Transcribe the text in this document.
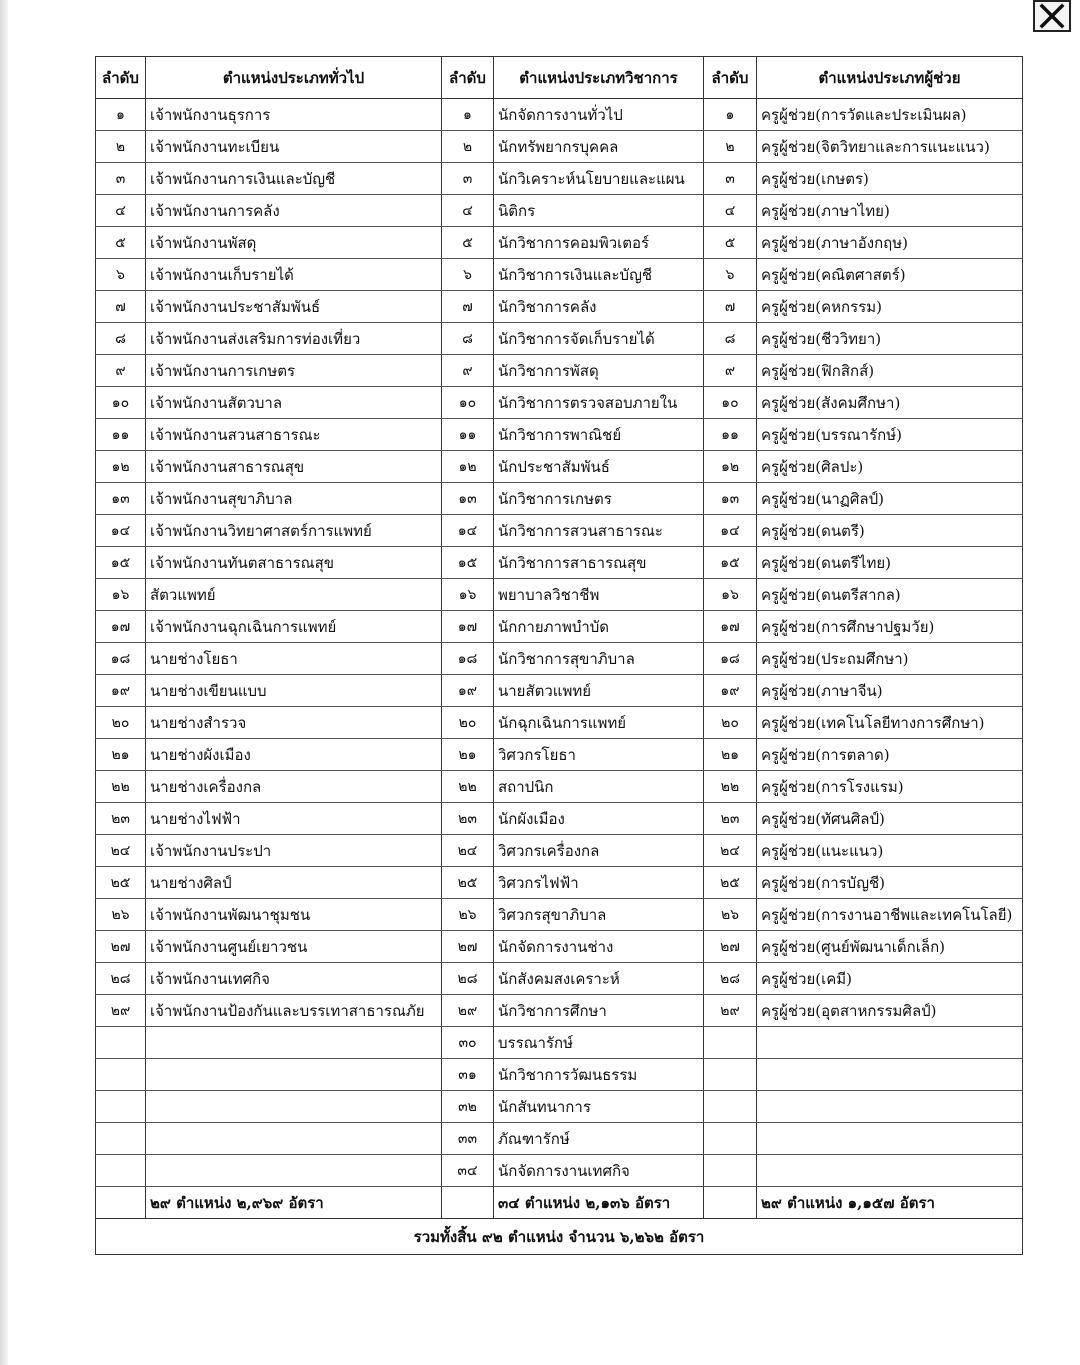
ลำดับ	ตำแหน่งประเภททั่วไป	ลำดับ	ตำแหน่งประเภทวิชาการ	ลำดับ	ตำแหน่งประเภทผู้ช่วย
๑	เจ้าพนักงานธุรการ	๑	นักจัดการงานทั่วไป	๑	ครูผู้ช่วย(การวัดและประเมินผล)
๒	เจ้าพนักงานทะเบียน	๒	นักทรัพยากรบุคคล	๒	ครูผู้ช่วย(จิตวิทยาและการแนะแนว)
๓	เจ้าพนักงานการเงินและบัญชี	๓	นักวิเคราะห์นโยบายและแผน	๓	ครูผู้ช่วย(เกษตร)
๔	เจ้าพนักงานการคลัง	๔	นิติกร	๔	ครูผู้ช่วย(ภาษาไทย)
๕	เจ้าพนักงานพัสดุ	๕	นักวิชาการคอมพิวเตอร์	๕	ครูผู้ช่วย(ภาษาอังกฤษ)
๖	เจ้าพนักงานเก็บรายได้	๖	นักวิชาการเงินและบัญชี	๖	ครูผู้ช่วย(คณิตศาสตร์)
๗	เจ้าพนักงานประชาสัมพันธ์	๗	นักวิชาการคลัง	๗	ครูผู้ช่วย(คหกรรม)
๘	เจ้าพนักงานส่งเสริมการท่องเที่ยว	๘	นักวิชาการจัดเก็บรายได้	๘	ครูผู้ช่วย(ชีววิทยา)
๙	เจ้าพนักงานการเกษตร	๙	นักวิชาการพัสดุ	๙	ครูผู้ช่วย(ฟิกสิกส์)
๑๐	เจ้าพนักงานสัตวบาล	๑๐	นักวิชาการตรวจสอบภายใน	๑๐	ครูผู้ช่วย(สังคมศึกษา)
๑๑	เจ้าพนักงานสวนสาธารณะ	๑๑	นักวิชาการพาณิชย์	๑๑	ครูผู้ช่วย(บรรณารักษ์)
๑๒	เจ้าพนักงานสาธารณสุข	๑๒	นักประชาสัมพันธ์	๑๒	ครูผู้ช่วย(ศิลปะ)
๑๓	เจ้าพนักงานสุขาภิบาล	๑๓	นักวิชาการเกษตร	๑๓	ครูผู้ช่วย(นาฏศิลป์)
๑๔	เจ้าพนักงานวิทยาศาสตร์การแพทย์	๑๔	นักวิชาการสวนสาธารณะ	๑๔	ครูผู้ช่วย(ดนตรี)
๑๕	เจ้าพนักงานทันตสาธารณสุข	๑๕	นักวิชาการสาธารณสุข	๑๕	ครูผู้ช่วย(ดนตรีไทย)
๑๖	สัตวแพทย์	๑๖	พยาบาลวิชาชีพ	๑๖	ครูผู้ช่วย(ดนตรีสากล)
๑๗	เจ้าพนักงานฉุกเฉินการแพทย์	๑๗	นักกายภาพบำบัด	๑๗	ครูผู้ช่วย(การศึกษาปฐมวัย)
๑๘	นายช่างโยธา	๑๘	นักวิชาการสุขาภิบาล	๑๘	ครูผู้ช่วย(ประถมศึกษา)
๑๙	นายช่างเขียนแบบ	๑๙	นายสัตวแพทย์	๑๙	ครูผู้ช่วย(ภาษาจีน)
๒๐	นายช่างสำรวจ	๒๐	นักฉุกเฉินการแพทย์	๒๐	ครูผู้ช่วย(เทคโนโลยีทางการศึกษา)
๒๑	นายช่างผังเมือง	๒๑	วิศวกรโยธา	๒๑	ครูผู้ช่วย(การตลาด)
๒๒	นายช่างเครื่องกล	๒๒	สถาปนิก	๒๒	ครูผู้ช่วย(การโรงแรม)
๒๓	นายช่างไฟฟ้า	๒๓	นักผังเมือง	๒๓	ครูผู้ช่วย(ทัศนศิลป์)
๒๔	เจ้าพนักงานประปา	๒๔	วิศวกรเครื่องกล	๒๔	ครูผู้ช่วย(แนะแนว)
๒๕	นายช่างศิลป์	๒๕	วิศวกรไฟฟ้า	๒๕	ครูผู้ช่วย(การบัญชี)
๒๖	เจ้าพนักงานพัฒนาชุมชน	๒๖	วิศวกรสุขาภิบาล	๒๖	ครูผู้ช่วย(การงานอาชีพและเทคโนโลยี)
๒๗	เจ้าพนักงานศูนย์เยาวชน	๒๗	นักจัดการงานช่าง	๒๗	ครูผู้ช่วย(ศูนย์พัฒนาเด็กเล็ก)
๒๘	เจ้าพนักงานเทศกิจ	๒๘	นักสังคมสงเคราะห์	๒๘	ครูผู้ช่วย(เคมี)
๒๙	เจ้าพนักงานป้องกันและบรรเทาสาธารณภัย	๒๙	นักวิชาการศึกษา	๒๙	ครูผู้ช่วย(อุตสาหกรรมศิลป์)
		๓๐	บรรณารักษ์		
		๓๑	นักวิชาการวัฒนธรรม		
		๓๒	นักสันทนาการ		
		๓๓	ภัณฑารักษ์		
		๓๔	นักจัดการงานเทศกิจ		
	๒๙ ตำแหน่ง ๒,๙๖๙ อัตรา		๓๔ ตำแหน่ง ๒,๑๓๖ อัตรา		๒๙ ตำแหน่ง ๑,๑๕๗ อัตรา
รวมทั้งสิ้น ๙๒ ตำแหน่ง จำนวน ๖,๒๖๒ อัตรา					
